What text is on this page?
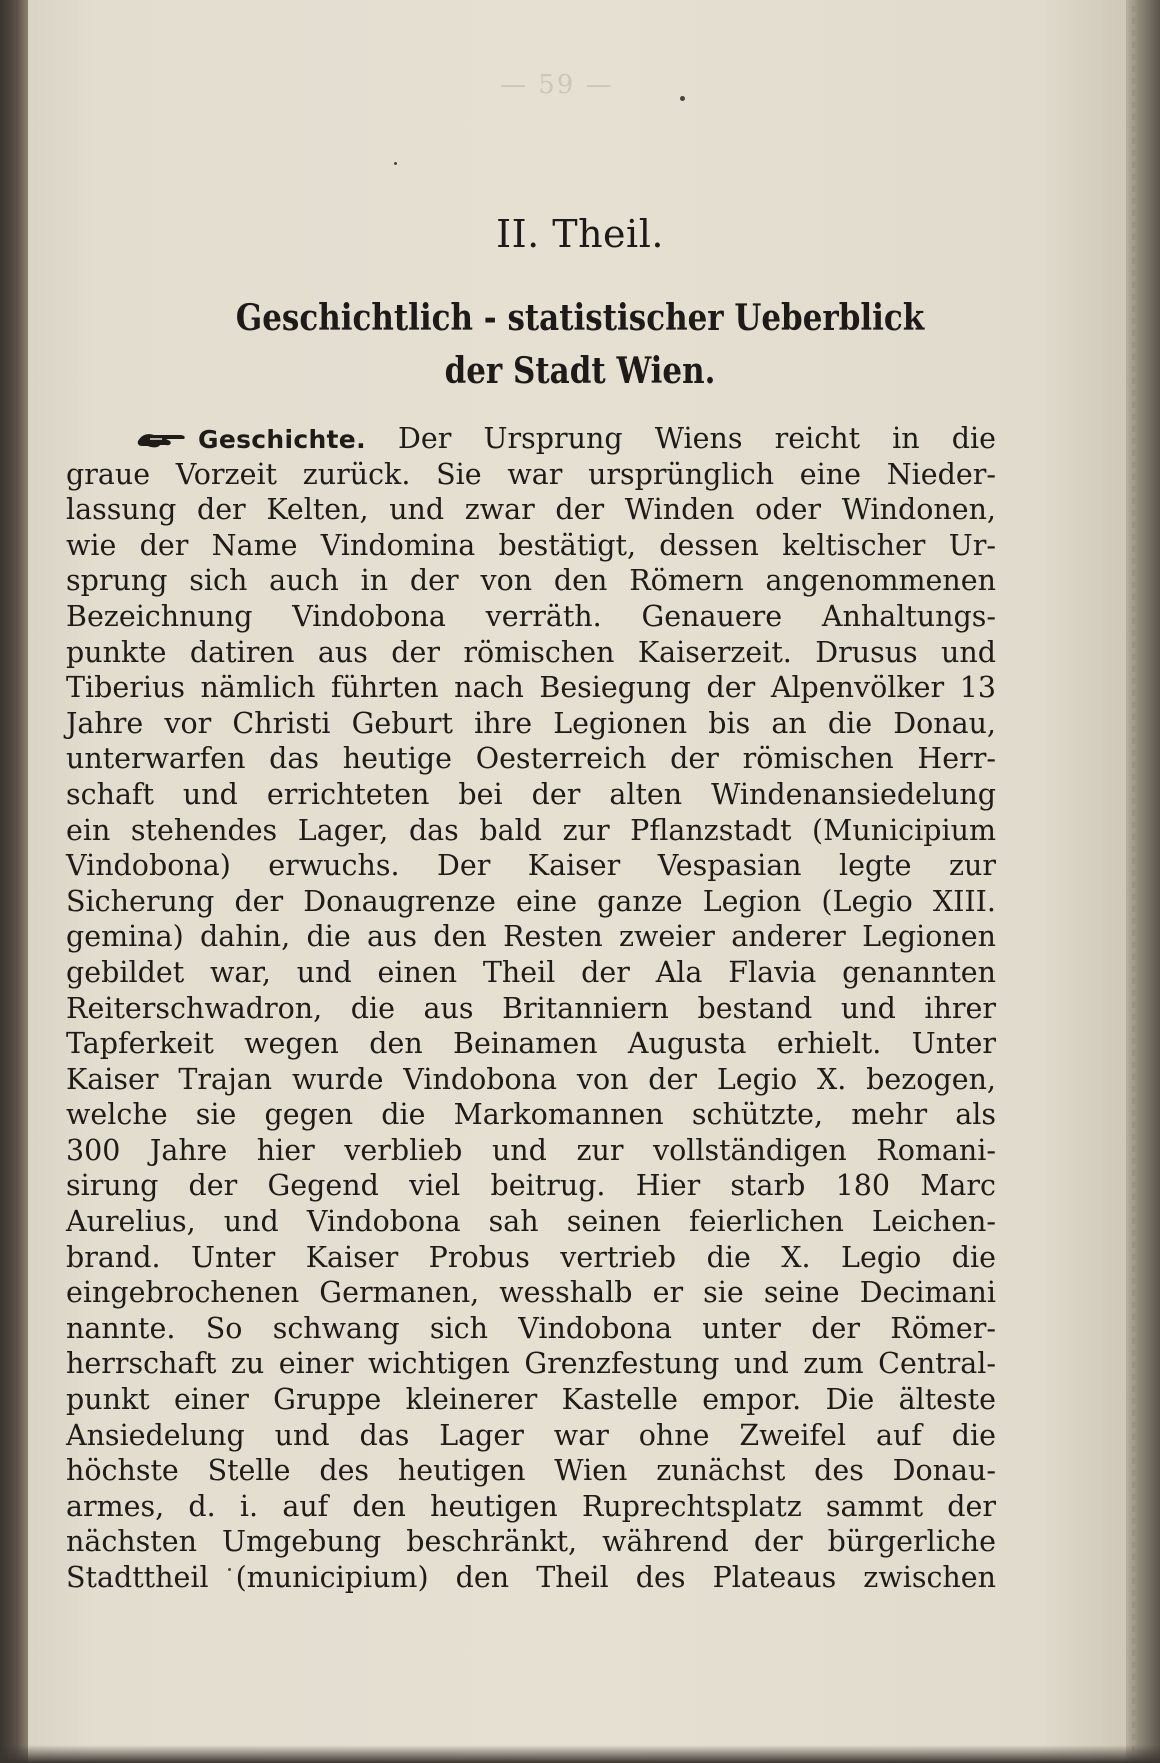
— 59 —
II. Theil.
Geschichtlich - statistischer Ueberblick
der Stadt Wien.
Geschichte. Der Ursprung Wiens reicht in die
graue Vorzeit zurück. Sie war ursprünglich eine Nieder-
lassung der Kelten, und zwar der Winden oder Windonen,
wie der Name Vindomina bestätigt, dessen keltischer Ur-
sprung sich auch in der von den Römern angenommenen
Bezeichnung Vindobona verräth. Genauere Anhaltungs-
punkte datiren aus der römischen Kaiserzeit. Drusus und
Tiberius nämlich führten nach Besiegung der Alpenvölker 13
Jahre vor Christi Geburt ihre Legionen bis an die Donau,
unterwarfen das heutige Oesterreich der römischen Herr-
schaft und errichteten bei der alten Windenansiedelung
ein stehendes Lager, das bald zur Pflanzstadt (Municipium
Vindobona) erwuchs. Der Kaiser Vespasian legte zur
Sicherung der Donaugrenze eine ganze Legion (Legio XIII.
gemina) dahin, die aus den Resten zweier anderer Legionen
gebildet war, und einen Theil der Ala Flavia genannten
Reiterschwadron, die aus Britanniern bestand und ihrer
Tapferkeit wegen den Beinamen Augusta erhielt. Unter
Kaiser Trajan wurde Vindobona von der Legio X. bezogen,
welche sie gegen die Markomannen schützte, mehr als
300 Jahre hier verblieb und zur vollständigen Romani-
sirung der Gegend viel beitrug. Hier starb 180 Marc
Aurelius, und Vindobona sah seinen feierlichen Leichen-
brand. Unter Kaiser Probus vertrieb die X. Legio die
eingebrochenen Germanen, wesshalb er sie seine Decimani
nannte. So schwang sich Vindobona unter der Römer-
herrschaft zu einer wichtigen Grenzfestung und zum Central-
punkt einer Gruppe kleinerer Kastelle empor. Die älteste
Ansiedelung und das Lager war ohne Zweifel auf die
höchste Stelle des heutigen Wien zunächst des Donau-
armes, d. i. auf den heutigen Ruprechtsplatz sammt der
nächsten Umgebung beschränkt, während der bürgerliche
Stadttheil (municipium) den Theil des Plateaus zwischen
